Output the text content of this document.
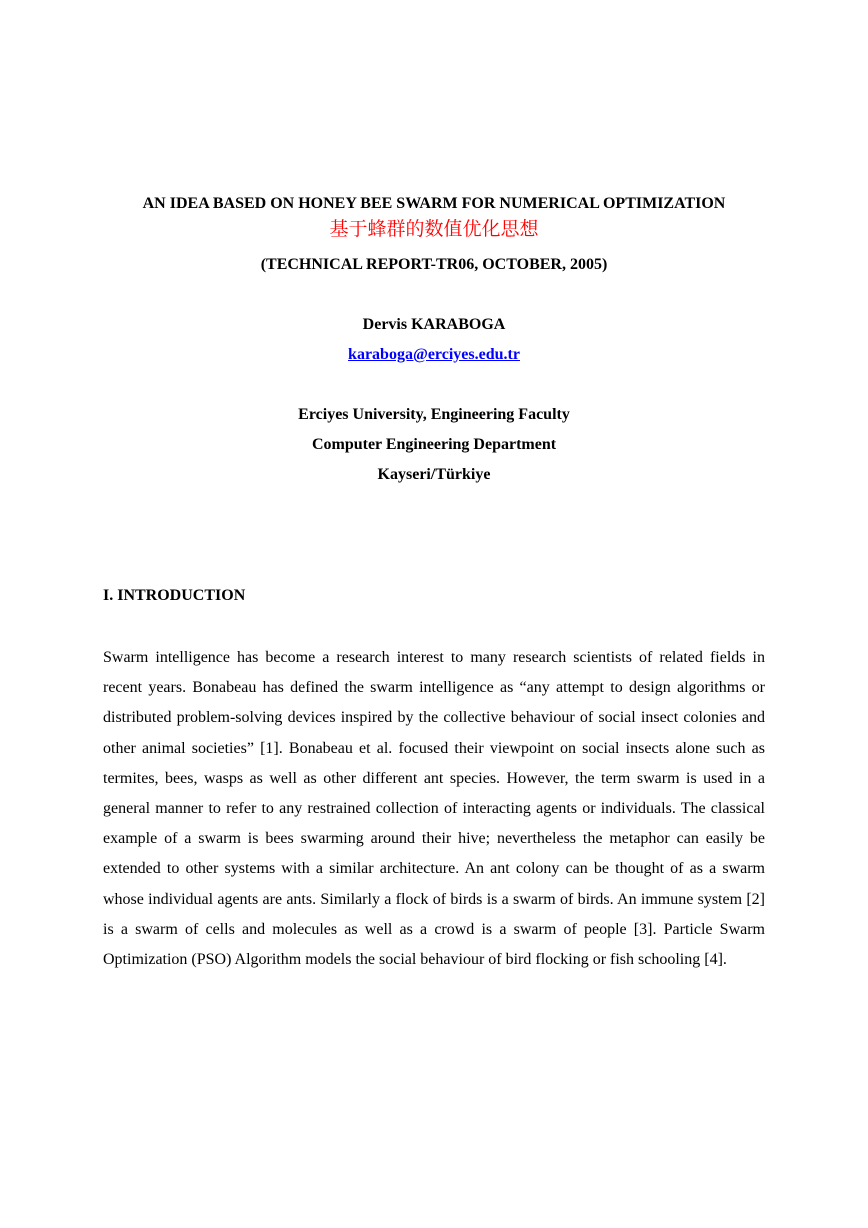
AN IDEA BASED ON HONEY BEE SWARM FOR NUMERICAL OPTIMIZATION
基于蜂群的数值优化思想
(TECHNICAL REPORT-TR06, OCTOBER, 2005)
Dervis KARABOGA
karaboga@erciyes.edu.tr
Erciyes University, Engineering Faculty
Computer Engineering Department
Kayseri/Türkiye
I. INTRODUCTION

Swarm intelligence has become a research interest to many research scientists of related fields in recent years. Bonabeau has defined the swarm intelligence as “any attempt to design algorithms or distributed problem-solving devices inspired by the collective behaviour of social insect colonies and other animal societies” [1]. Bonabeau et al. focused their viewpoint on social insects alone such as termites, bees, wasps as well as other different ant species. However, the term swarm is used in a general manner to refer to any restrained collection of interacting agents or individuals. The classical example of a swarm is bees swarming around their hive; nevertheless the metaphor can easily be extended to other systems with a similar architecture. An ant colony can be thought of as a swarm whose individual agents are ants. Similarly a flock of birds is a swarm of birds. An immune system [2] is a swarm of cells and molecules as well as a crowd is a swarm of people [3]. Particle Swarm Optimization (PSO) Algorithm models the social behaviour of bird flocking or fish schooling [4].
